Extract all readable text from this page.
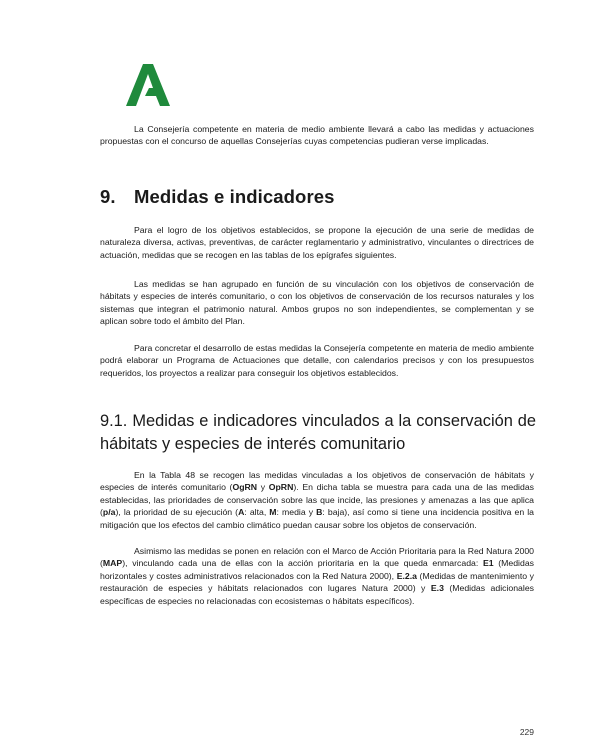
La Consejería competente en materia de medio ambiente llevará a cabo las medidas y actuaciones propuestas con el concurso de aquellas Consejerías cuyas competencias pudieran verse implicadas.

9. Medidas e indicadores

Para el logro de los objetivos establecidos, se propone la ejecución de una serie de medidas de naturaleza diversa, activas, preventivas, de carácter reglamentario y administrativo, vinculantes o directrices de actuación, medidas que se recogen en las tablas de los epígrafes siguientes.

Las medidas se han agrupado en función de su vinculación con los objetivos de conservación de hábitats y especies de interés comunitario, o con los objetivos de conservación de los recursos naturales y los sistemas que integran el patrimonio natural. Ambos grupos no son independientes, se complementan y se aplican sobre todo el ámbito del Plan.

Para concretar el desarrollo de estas medidas la Consejería competente en materia de medio ambiente podrá elaborar un Programa de Actuaciones que detalle, con calendarios precisos y con los presupuestos requeridos, los proyectos a realizar para conseguir los objetivos establecidos.

9.1. Medidas e indicadores vinculados a la conservación de hábitats y especies de interés comunitario

En la Tabla 48 se recogen las medidas vinculadas a los objetivos de conservación de hábitats y especies de interés comunitario (OgRN y OpRN). En dicha tabla se muestra para cada una de las medidas establecidas, las prioridades de conservación sobre las que incide, las presiones y amenazas a las que aplica (p/a), la prioridad de su ejecución (A: alta, M: media y B: baja), así como si tiene una incidencia positiva en la mitigación que los efectos del cambio climático puedan causar sobre los objetos de conservación.

Asimismo las medidas se ponen en relación con el Marco de Acción Prioritaria para la Red Natura 2000 (MAP), vinculando cada una de ellas con la acción prioritaria en la que queda enmarcada: E1 (Medidas horizontales y costes administrativos relacionados con la Red Natura 2000), E.2.a (Medidas de mantenimiento y restauración de especies y hábitats relacionados con lugares Natura 2000) y E.3 (Medidas adicionales específicas de especies no relacionadas con ecosistemas o hábitats específicos).

229
